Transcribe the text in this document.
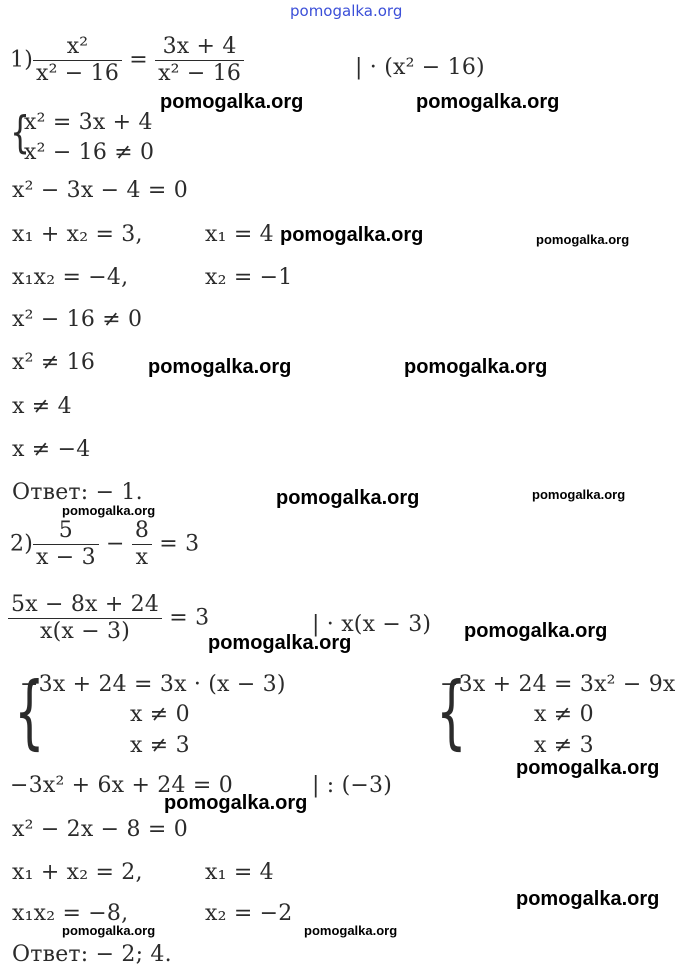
pomogalka.org
$1) \frac{\text{x²}}{\text{x² − 16}} = \frac{3x + 4}{\text{x² − 16}}$	| · (x² − 16)
{
x² = 3x + 4
x² − 16 ≠ 0
x² − 3x − 4 = 0
x₁ + x₂ = 3,	x₁ = 4
x₁x₂ = −4,	x₂ = −1
x² − 16 ≠ 0
x² ≠ 16
x ≠ 4
x ≠ −4
Ответ: − 1.
$2) \frac{5}{x - 3} - \frac{8}{x} = 3$
$\frac{5x - 8x + 24}{x(x - 3)} = 3$	| · x(x − 3)
{
−3x + 24 = 3x · (x − 3)
x ≠ 0
x ≠ 3	{
−3x + 24 = 3x² − 9x
x ≠ 0
x ≠ 3
−3x² + 6x + 24 = 0	| : (−3)
x² − 2x − 8 = 0
x₁ + x₂ = 2,	x₁ = 4
x₁x₂ = −8,	x₂ = −2
Ответ: − 2; 4.
pomogalka.org	pomogalka.org
pomogalka.org	pomogalka.org
pomogalka.org	pomogalka.org
pomogalka.org	pomogalka.org
pomogalka.org
pomogalka.org
pomogalka.org
pomogalka.org
pomogalka.org
pomogalka.org
pomogalka.org	pomogalka.org
